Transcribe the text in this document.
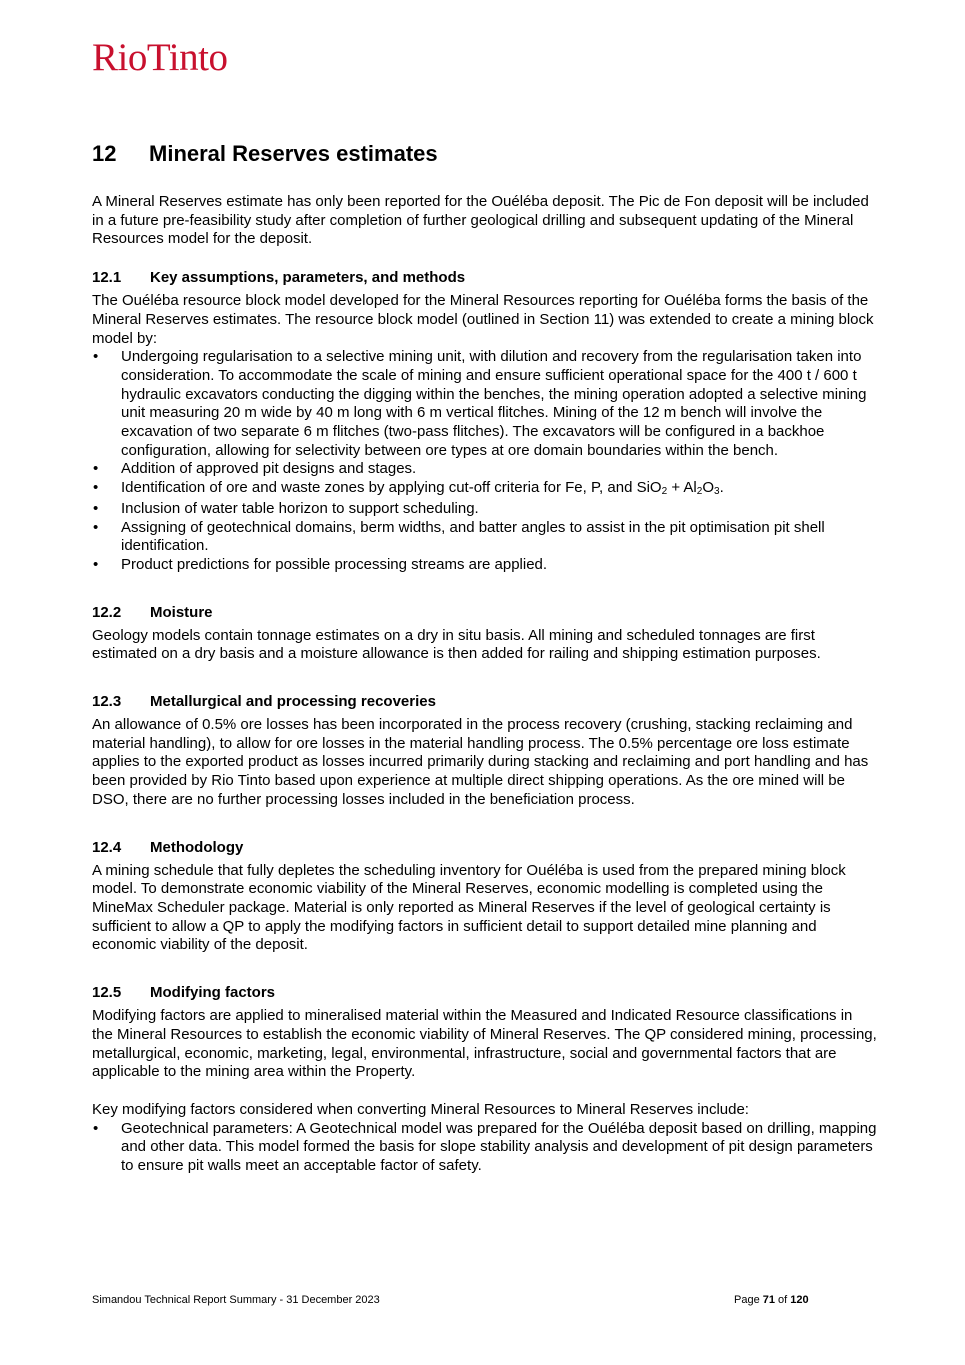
RioTinto
12	Mineral Reserves estimates

A Mineral Reserves estimate has only been reported for the Ouéléba deposit. The Pic de Fon deposit will be included in a future pre-feasibility study after completion of further geological drilling and subsequent updating of the Mineral Resources model for the deposit.

12.1	Key assumptions, parameters, and methods

The Ouéléba resource block model developed for the Mineral Resources reporting for Ouéléba forms the basis of the Mineral Reserves estimates. The resource block model (outlined in Section 11) was extended to create a mining block model by:

• Undergoing regularisation to a selective mining unit, with dilution and recovery from the regularisation taken into consideration. To accommodate the scale of mining and ensure sufficient operational space for the 400 t / 600 t hydraulic excavators conducting the digging within the benches, the mining operation adopted a selective mining unit measuring 20 m wide by 40 m long with 6 m vertical flitches. Mining of the 12 m bench will involve the excavation of two separate 6 m flitches (two-pass flitches). The excavators will be configured in a backhoe configuration, allowing for selectivity between ore types at ore domain boundaries within the bench.
• Addition of approved pit designs and stages.
• Identification of ore and waste zones by applying cut-off criteria for Fe, P, and $SiO_2 + Al_2O_3$.
• Inclusion of water table horizon to support scheduling.
• Assigning of geotechnical domains, berm widths, and batter angles to assist in the pit optimisation pit shell identification.
• Product predictions for possible processing streams are applied.
12.2	Moisture

Geology models contain tonnage estimates on a dry in situ basis. All mining and scheduled tonnages are first estimated on a dry basis and a moisture allowance is then added for railing and shipping estimation purposes.

12.3	Metallurgical and processing recoveries

An allowance of 0.5% ore losses has been incorporated in the process recovery (crushing, stacking reclaiming and material handling), to allow for ore losses in the material handling process. The 0.5% percentage ore loss estimate applies to the exported product as losses incurred primarily during stacking and reclaiming and port handling and has been provided by Rio Tinto based upon experience at multiple direct shipping operations. As the ore mined will be DSO, there are no further processing losses included in the beneficiation process.

12.4	Methodology

A mining schedule that fully depletes the scheduling inventory for Ouéléba is used from the prepared mining block model. To demonstrate economic viability of the Mineral Reserves, economic modelling is completed using the MineMax Scheduler package. Material is only reported as Mineral Reserves if the level of geological certainty is sufficient to allow a QP to apply the modifying factors in sufficient detail to support detailed mine planning and economic viability of the deposit.

12.5	Modifying factors

Modifying factors are applied to mineralised material within the Measured and Indicated Resource classifications in the Mineral Resources to establish the economic viability of Mineral Reserves. The QP considered mining, processing, metallurgical, economic, marketing, legal, environmental, infrastructure, social and governmental factors that are applicable to the mining area within the Property.

Key modifying factors considered when converting Mineral Resources to Mineral Reserves include:

• Geotechnical parameters: A Geotechnical model was prepared for the Ouéléba deposit based on drilling, mapping and other data. This model formed the basis for slope stability analysis and development of pit design parameters to ensure pit walls meet an acceptable factor of safety.
Simandou Technical Report Summary - 31 December 2023	Page 71 of 120
